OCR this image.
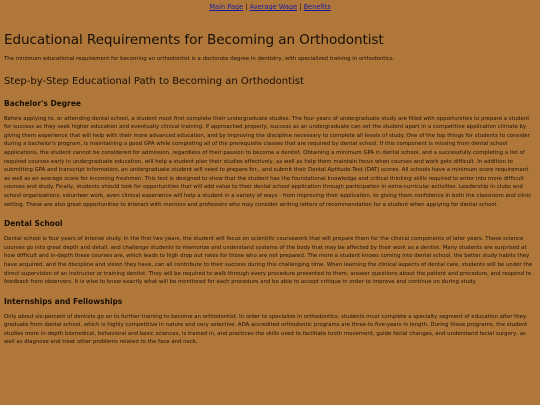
Main Page | Average Wage | Benefits
Educational Requirements for Becoming an Orthodontist

The minimum educational requirement for becoming an orthodontist is a doctorate degree in dentistry, with specialized training in orthodontics.

Step-by-Step Educational Path to Becoming an Orthodontist
Bachelor's Degree

Before applying to, or attending dental school, a student must first complete their undergraduate studies. The four years of undergraduate study are filled with opportunities to prepare a student for success as they seek higher education and eventually clinical training. If approached properly, success as an undergraduate can set the student apart in a competitive application climate by giving them experience that will help with their more advanced education, and by improving the discipline necessary to complete all levels of study. One of the top things for students to consider during a bachelor's program, is maintaining a good GPA while completing all of the prerequisite classes that are required by dental school. If this component is missing from dental school applications, the student cannot be considered for admission, regardless of their passion to become a dentist. Obtaining a minimum GPA in dental school, and a successfully completing a list of required courses early in undergraduate education, will help a student plan their studies effectively, as well as help them maintain focus when courses and work gets difficult. In addition to submitting GPA and transcript information, an undergraduate student will need to prepare for,, and submit their Dental Aptitude Test (DAT) scores. All schools have a minimum score requirement as well as an average score for incoming freshmen. This test is designed to show that the student has the foundational knowledge and critical thinking skills required to enter into more difficult courses and study. Finally, students should look for opportunities that will add value to their dental school application through participation in extra-curricular activities. Leadership in clubs and school organizations, volunteer work, even clinical experience will help a student in a variety of ways - from improving their application, to giving them confidence in both the classroom and clinic setting. These are also great opportunities to interact with mentors and professors who may consider writing letters of recommendation for a student when applying for dental school.

Dental School

Dental school is four years of intense study. In the first two years, the student will focus on scientific coursework that will prepare them for the clinical components of later years. These science courses go into great depth and detail, and challenge students to memorize and understand systems of the body that may be affected by their work as a dentist. Many students are surprised at how difficult and in-depth these courses are, which leads to high drop out rates for those who are not prepared. The more a student knows coming into dental school, the better study habits they have acquired, and the discipline and vision they have, can all contribute to their success during this challenging time. When learning the clinical aspects of dental care, students will be under the direct supervision of an instructor or training dentist. They will be required to walk through every procedure presented to them, answer questions about the patient and procedure, and respond to feedback from observers. It is wise to know exactly what will be monitored for each procedure and be able to accept critique in order to improve and continue on during study.

Internships and Fellowships

Only about six-percent of dentists go on to further training to become an orthodontist. In order to specialize in orthodontics, students must complete a specialty segment of education after they graduate from dental school, which is highly competitive in nature and very selective. ADA accredited orthodontic programs are three-to five-years in length. During these programs, the student studies more in-depth biomedical, behavioral and basic sciences, is trained in, and practices the skills used to facilitate tooth movement, guide facial changes, and understand facial surgery, as well as diagnose and treat other problems related to the face and neck.
